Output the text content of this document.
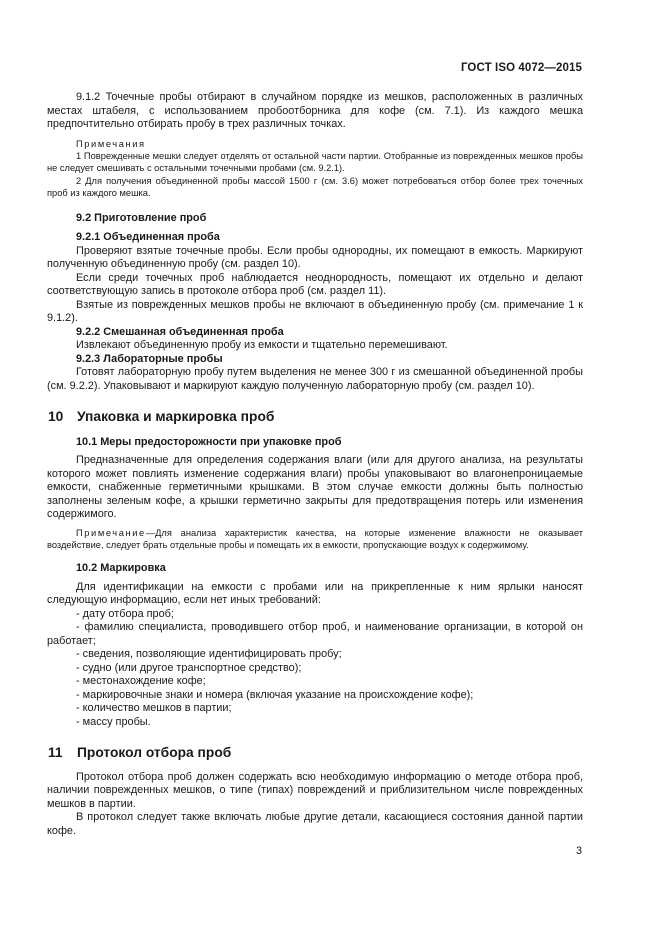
ГОСТ ISO 4072—2015

9.1.2 Точечные пробы отбирают в случайном порядке из мешков, расположенных в различных местах штабеля, с использованием пробоотборника для кофе (см. 7.1). Из каждого мешка предпочтительно отбирать пробу в трех различных точках.

Примечания

1 Поврежденные мешки следует отделять от остальной части партии. Отобранные из поврежденных мешков пробы не следует смешивать с остальными точечными пробами (см. 9.2.1).

2 Для получения объединенной пробы массой 1500 г (см. 3.6) может потребоваться отбор более трех точечных проб из каждого мешка.

9.2 Приготовление проб

9.2.1 Объединенная проба

Проверяют взятые точечные пробы. Если пробы однородны, их помещают в емкость. Маркируют полученную объединенную пробу (см. раздел 10).

Если среди точечных проб наблюдается неоднородность, помещают их отдельно и делают соответствующую запись в протоколе отбора проб (см. раздел 11).

Взятые из поврежденных мешков пробы не включают в объединенную пробу (см. примечание 1 к 9.1.2).

9.2.2 Смешанная объединенная проба

Извлекают объединенную пробу из емкости и тщательно перемешивают.

9.2.3 Лабораторные пробы

Готовят лабораторную пробу путем выделения не менее 300 г из смешанной объединенной пробы (см. 9.2.2). Упаковывают и маркируют каждую полученную лабораторную пробу (см. раздел 10).

10 Упаковка и маркировка проб

10.1 Меры предосторожности при упаковке проб

Предназначенные для определения содержания влаги (или для другого анализа, на результаты которого может повлиять изменение содержания влаги) пробы упаковывают во влагонепроницаемые емкости, снабженные герметичными крышками. В этом случае емкости должны быть полностью заполнены зеленым кофе, а крышки герметично закрыты для предотвращения потерь или изменения содержимого.

Примечание—Для анализа характеристик качества, на которые изменение влажности не оказывает воздействие, следует брать отдельные пробы и помещать их в емкости, пропускающие воздух к содержимому.

10.2 Маркировка

Для идентификации на емкости с пробами или на прикрепленные к ним ярлыки наносят следующую информацию, если нет иных требований:

- дату отбора проб;

- фамилию специалиста, проводившего отбор проб, и наименование организации, в которой он работает;

- сведения, позволяющие идентифицировать пробу;

- судно (или другое транспортное средство);

- местонахождение кофе;

- маркировочные знаки и номера (включая указание на происхождение кофе);

- количество мешков в партии;

- массу пробы.

11 Протокол отбора проб

Протокол отбора проб должен содержать всю необходимую информацию о методе отбора проб, наличии поврежденных мешков, о типе (типах) повреждений и приблизительном числе поврежденных мешков в партии.

В протокол следует также включать любые другие детали, касающиеся состояния данной партии кофе.

3
